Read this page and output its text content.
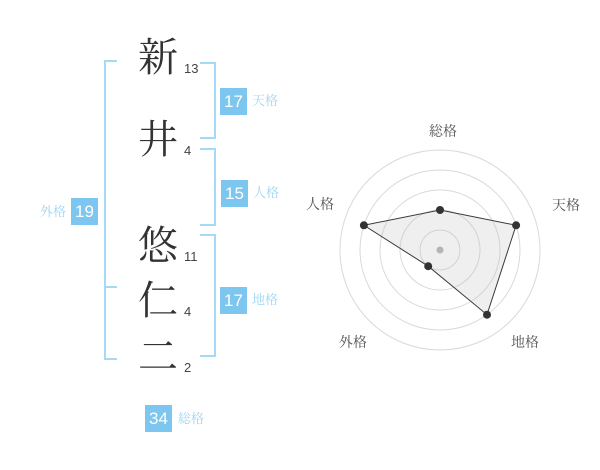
新 13
井 4
悠 11
仁 4
二 2
17 天格
15 人格
17 地格
外格 19
34 総格
総格
天格
地格
外格
人格
